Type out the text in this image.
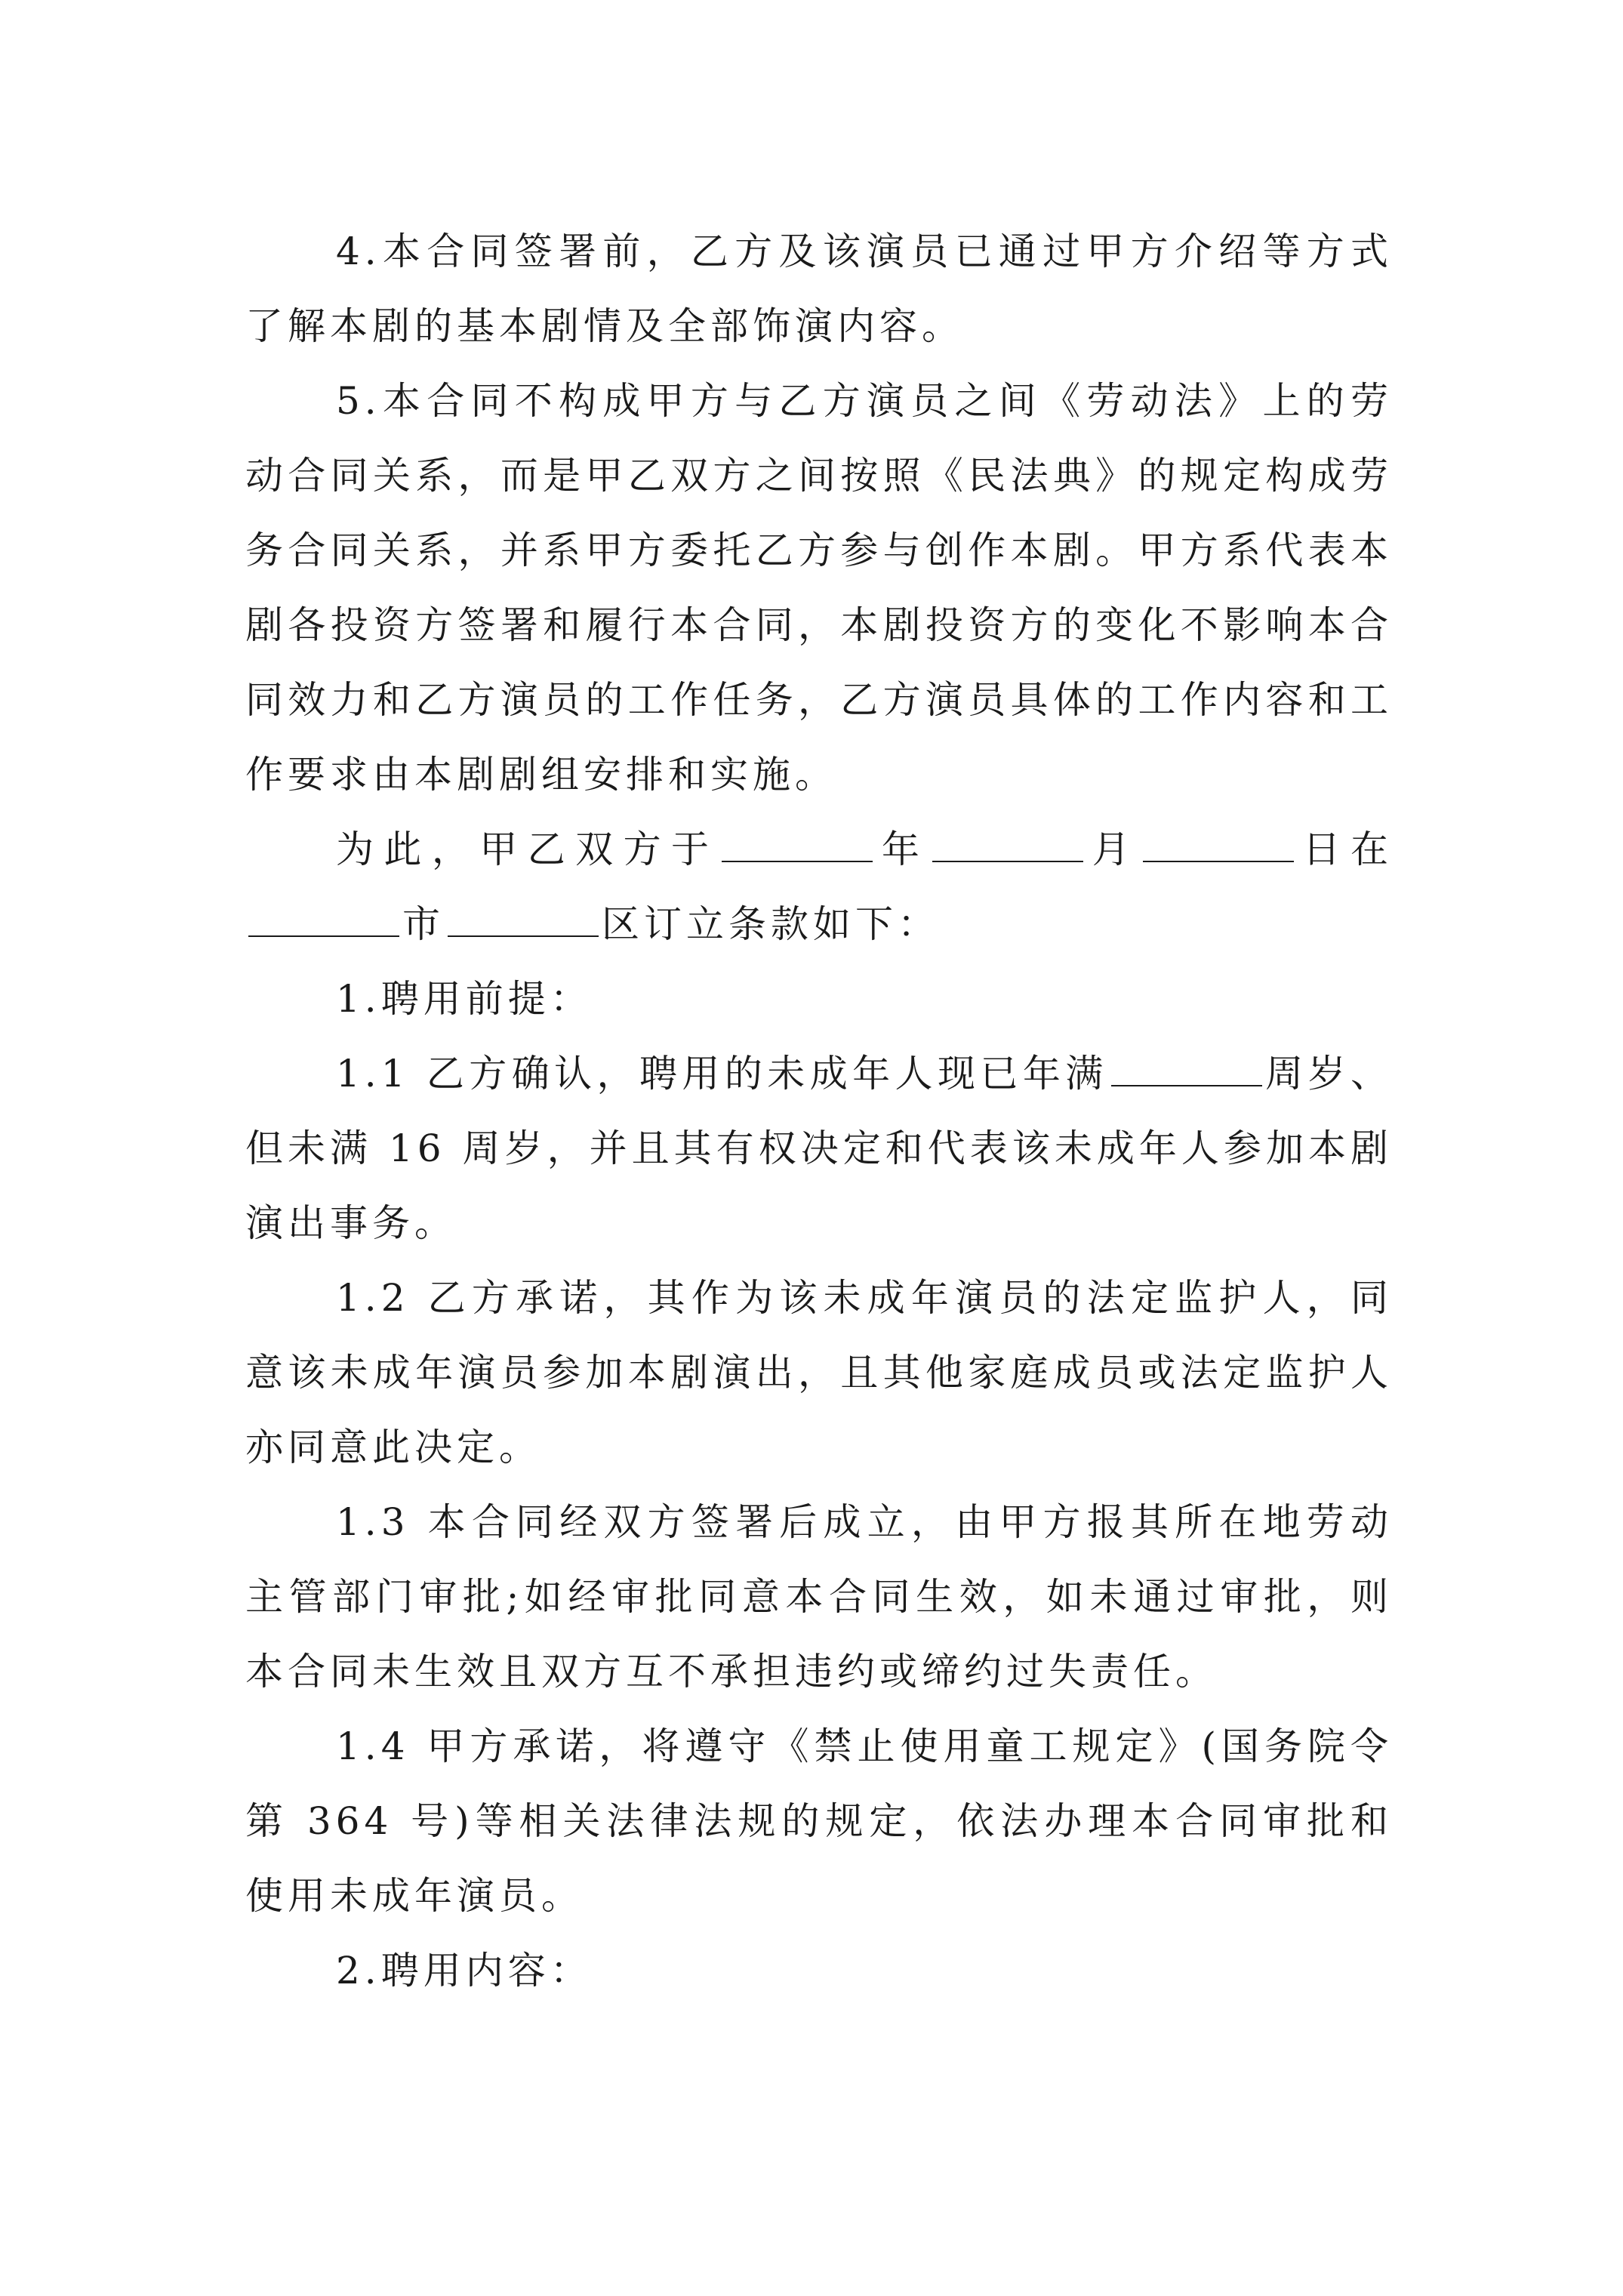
4.本合同签署前，乙方及该演员已通过甲方介绍等方式了解本剧的基本剧情及全部饰演内容。

5.本合同不构成甲方与乙方演员之间《劳动法》上的劳动合同关系，而是甲乙双方之间按照《民法典》的规定构成劳务合同关系，并系甲方委托乙方参与创作本剧。甲方系代表本剧各投资方签署和履行本合同，本剧投资方的变化不影响本合同效力和乙方演员的工作任务，乙方演员具体的工作内容和工作要求由本剧剧组安排和实施。

为此，甲乙双方于	年	月	日在市	区订立条款如下：

1.聘用前提：

1.1 乙方确认，聘用的未成年人现已年满	周岁、但未满 16 周岁，并且其有权决定和代表该未成年人参加本剧演出事务。

1.2 乙方承诺，其作为该未成年演员的法定监护人，同意该未成年演员参加本剧演出，且其他家庭成员或法定监护人亦同意此决定。

1.3 本合同经双方签署后成立，由甲方报其所在地劳动主管部门审批;如经审批同意本合同生效，如未通过审批，则本合同未生效且双方互不承担违约或缔约过失责任。

1.4 甲方承诺，将遵守《禁止使用童工规定》(国务院令第 364 号)等相关法律法规的规定，依法办理本合同审批和使用未成年演员。

2.聘用内容：
